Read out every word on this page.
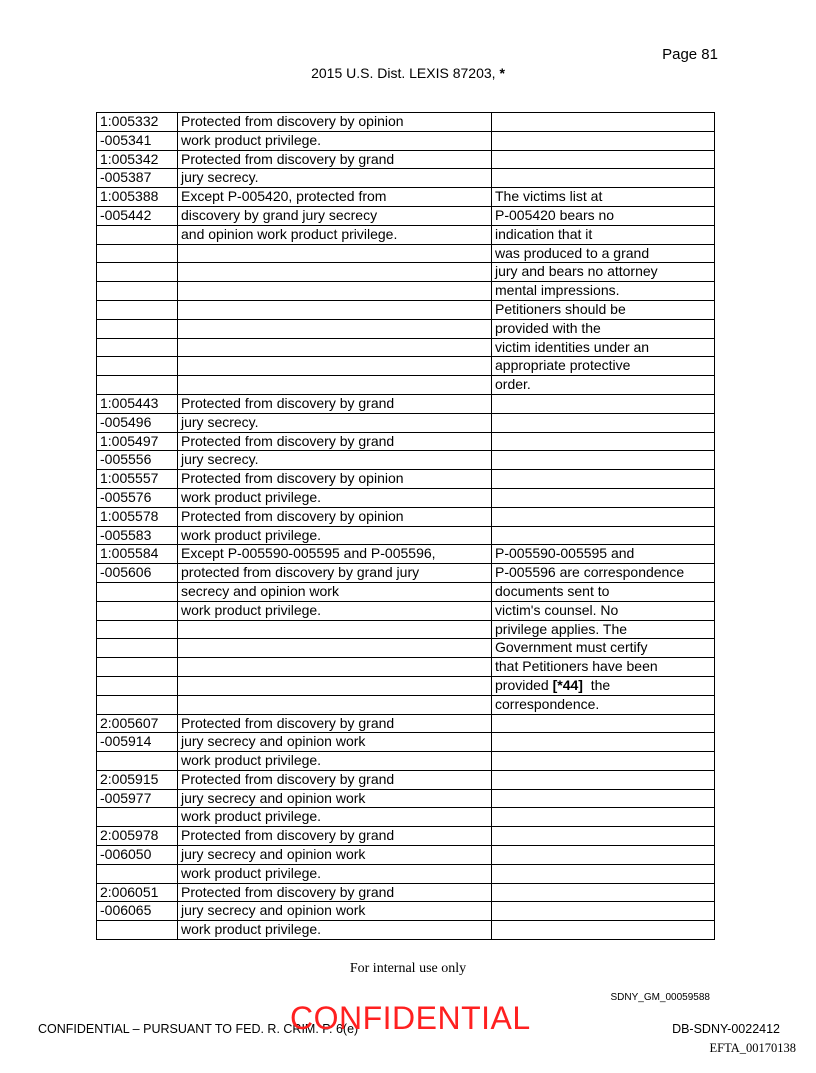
Page 81
2015 U.S. Dist. LEXIS 87203, *
1:005332	Protected from discovery by opinion	
-005341	work product privilege.	
1:005342	Protected from discovery by grand	
-005387	jury secrecy.	
1:005388	Except P-005420, protected from	The victims list at
-005442	discovery by grand jury secrecy	P-005420 bears no
	and opinion work product privilege.	indication that it
		was produced to a grand
		jury and bears no attorney
		mental impressions.
		Petitioners should be
		provided with the
		victim identities under an
		appropriate protective
		order.
1:005443	Protected from discovery by grand	
-005496	jury secrecy.	
1:005497	Protected from discovery by grand	
-005556	jury secrecy.	
1:005557	Protected from discovery by opinion	
-005576	work product privilege.	
1:005578	Protected from discovery by opinion	
-005583	work product privilege.	
1:005584	Except P-005590-005595 and P-005596,	P-005590-005595 and
-005606	protected from discovery by grand jury	P-005596 are correspondence
	secrecy and opinion work	documents sent to
	work product privilege.	victim's counsel. No
		privilege applies. The
		Government must certify
		that Petitioners have been
		provided [*44]  the
		correspondence.
2:005607	Protected from discovery by grand	
-005914	jury secrecy and opinion work	
	work product privilege.	
2:005915	Protected from discovery by grand	
-005977	jury secrecy and opinion work	
	work product privilege.	
2:005978	Protected from discovery by grand	
-006050	jury secrecy and opinion work	
	work product privilege.	
2:006051	Protected from discovery by grand	
-006065	jury secrecy and opinion work	
	work product privilege.	
For internal use only
SDNY_GM_00059588
CONFIDENTIAL – PURSUANT TO FED. R. CRIM. P. 6(e)
CONFIDENTIAL	DB-SDNY-0022412
EFTA_00170138
